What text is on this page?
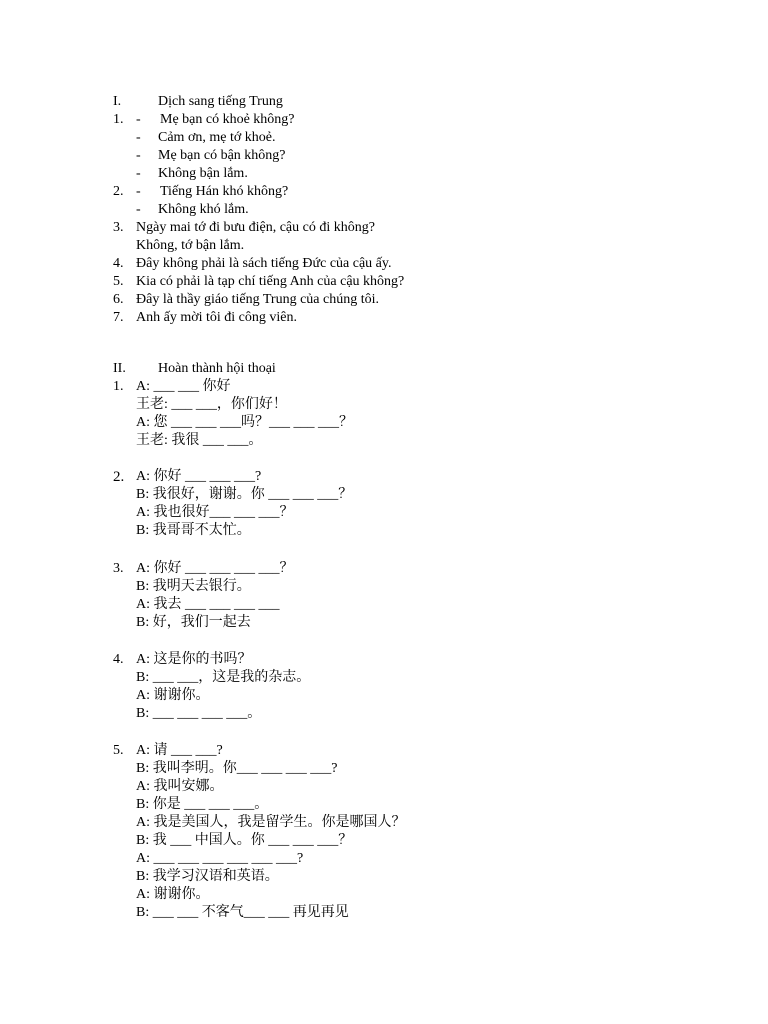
I.

	Dịch sang tiếng Trung

1.

-

Mẹ bạn có khoẻ không?

-

Cảm ơn, mẹ tớ khoẻ.

-

Mẹ bạn có bận không?

-

Không bận lắm.

2.

-

Tiếng Hán khó không?

-

Không khó lắm.

3.

Ngày mai tớ đi bưu điện, cậu có đi không?

Không, tớ bận lắm.

4.

Đây không phải là sách tiếng Đức của cậu ấy.

5.

Kia có phải là tạp chí tiếng Anh của cậu không?

6.

Đây là thầy giáo tiếng Trung của chúng tôi.

7.

Anh ấy mời tôi đi công viên.

II.

Hoàn thành hội thoại

1.

A: ___ ___ 你好

王老: ___ ___，你们好！

A: 您 ___ ___ ___吗？___ ___ ___？

王老: 我很 ___ ___。

2.

A: 你好 ___ ___ ___?

B: 我很好，谢谢。你 ___ ___ ___？

A: 我也很好___ ___ ___？

B: 我哥哥不太忙。

3.

A: 你好 ___ ___ ___ ___？

B: 我明天去银行。

A: 我去 ___ ___ ___ ___

B: 好，我们一起去

4.

A: 这是你的书吗？

B: ___ ___，这是我的杂志。

A: 谢谢你。

B: ___ ___ ___ ___。

5.

A: 请 ___ ___?

B: 我叫李明。你___ ___ ___ ___?

A: 我叫安娜。

B: 你是 ___ ___ ___。

A: 我是美国人，我是留学生。你是哪国人？

B: 我 ___ 中国人。你 ___ ___ ___？

A: ___ ___ ___ ___ ___ ___?

B: 我学习汉语和英语。

A: 谢谢你。

B: ___ ___ 不客气___ ___ 再见再见
